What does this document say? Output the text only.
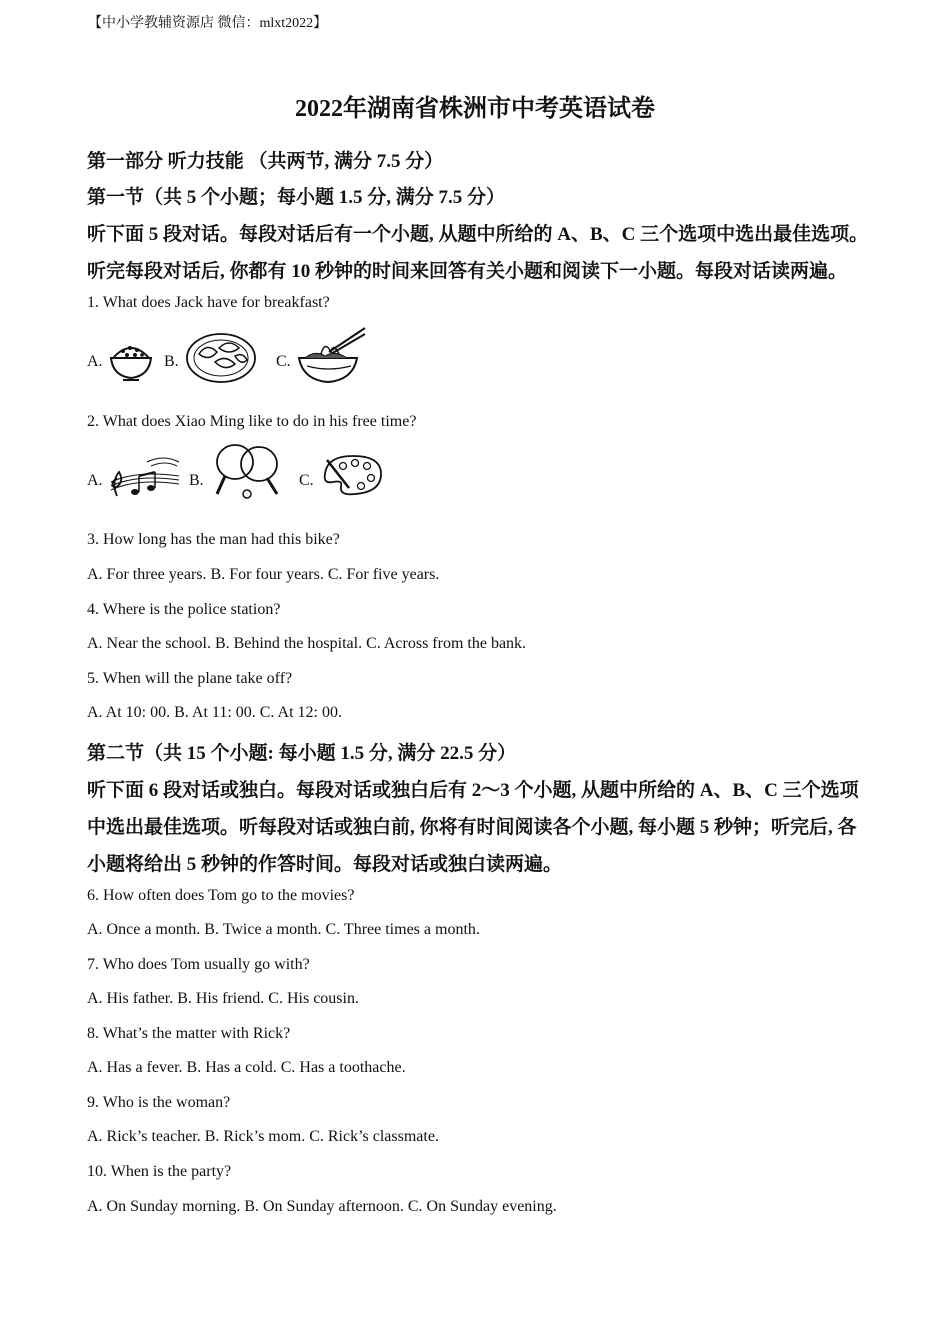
【中小学教辅资源店 微信：mlxt2022】
2022年湖南省株洲市中考英语试卷
第一部分 听力技能 （共两节, 满分 7.5 分）
第一节（共 5 个小题；每小题 1.5 分, 满分 7.5 分）
听下面 5 段对话。每段对话后有一个小题, 从题中所给的 A、B、C 三个选项中选出最佳选项。
听完每段对话后, 你都有 10 秒钟的时间来回答有关小题和阅读下一小题。每段对话读两遍。
1. What does Jack have for breakfast?
A.	B.	C.
2. What does Xiao Ming like to do in his free time?
A.	B.	C.
3. How long has the man had this bike?
A. For three years. B. For four years. C. For five years.
4. Where is the police station?
A. Near the school. B. Behind the hospital. C. Across from the bank.
5. When will the plane take off?
A. At 10: 00. B. At 11: 00. C. At 12: 00.
第二节（共 15 个小题: 每小题 1.5 分, 满分 22.5 分）
听下面 6 段对话或独白。每段对话或独白后有 2～3 个小题, 从题中所给的 A、B、C 三个选项
中选出最佳选项。听每段对话或独白前, 你将有时间阅读各个小题, 每小题 5 秒钟；听完后, 各
小题将给出 5 秒钟的作答时间。每段对话或独白读两遍。
6. How often does Tom go to the movies?
A. Once a month. B. Twice a month. C. Three times a month.
7. Who does Tom usually go with?
A. His father. B. His friend. C. His cousin.
8. What’s the matter with Rick?
A. Has a fever. B. Has a cold. C. Has a toothache.
9. Who is the woman?
A. Rick’s teacher. B. Rick’s mom. C. Rick’s classmate.
10. When is the party?
A. On Sunday morning. B. On Sunday afternoon. C. On Sunday evening.
